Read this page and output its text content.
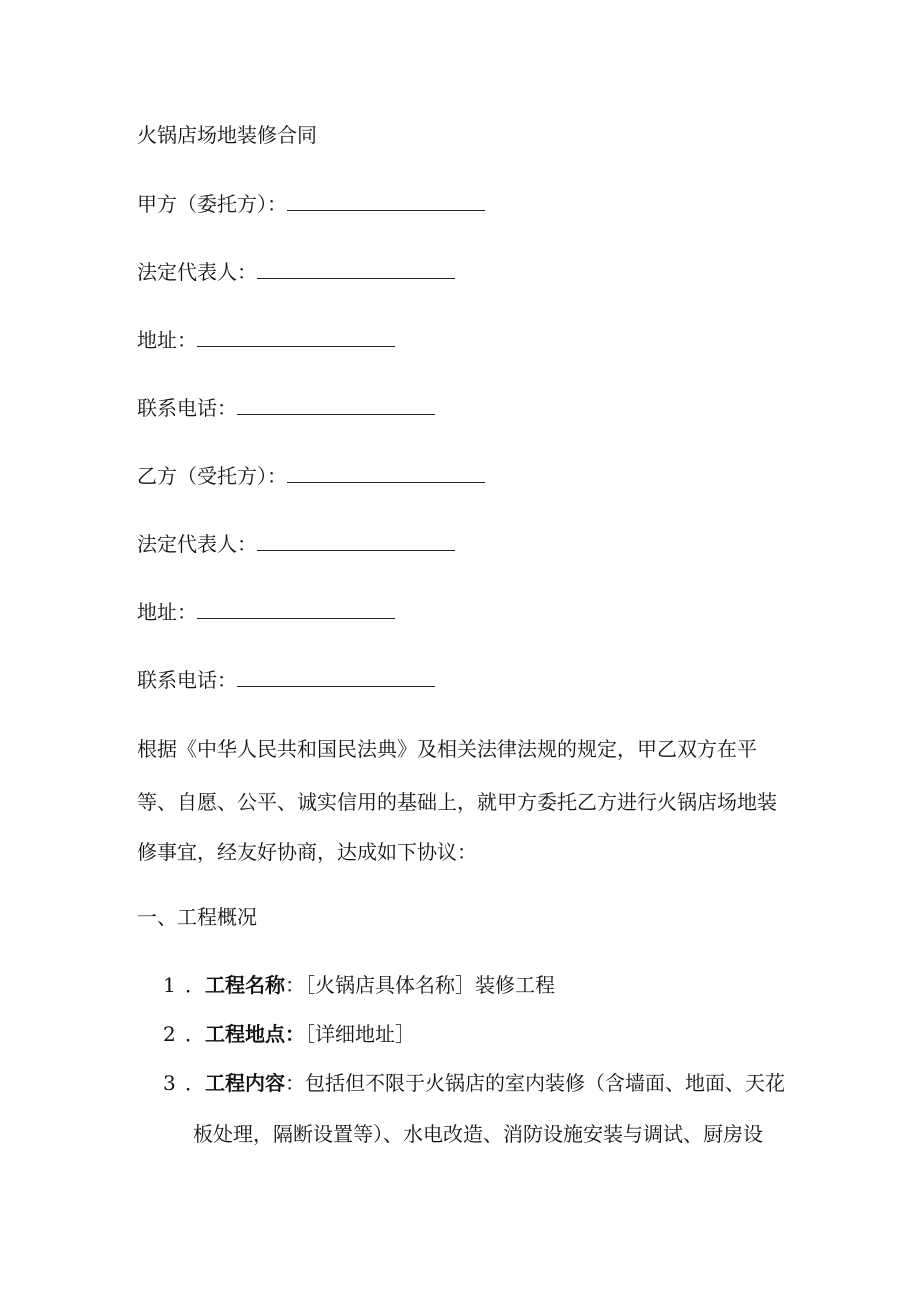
火锅店场地装修合同
甲方（委托方）：
法定代表人：
地址：
联系电话：
乙方（受托方）：
法定代表人：
地址：
联系电话：
根据《中华人民共和国民法典》及相关法律法规的规定，甲乙双方在平
等、自愿、公平、诚实信用的基础上，就甲方委托乙方进行火锅店场地装
修事宜，经友好协商，达成如下协议：
一、工程概况
1 ．工程名称：［火锅店具体名称］装修工程
2 ．工程地点：［详细地址］
3 ．工程内容：包括但不限于火锅店的室内装修（含墙面、地面、天花
板处理，隔断设置等）、水电改造、消防设施安装与调试、厨房设
